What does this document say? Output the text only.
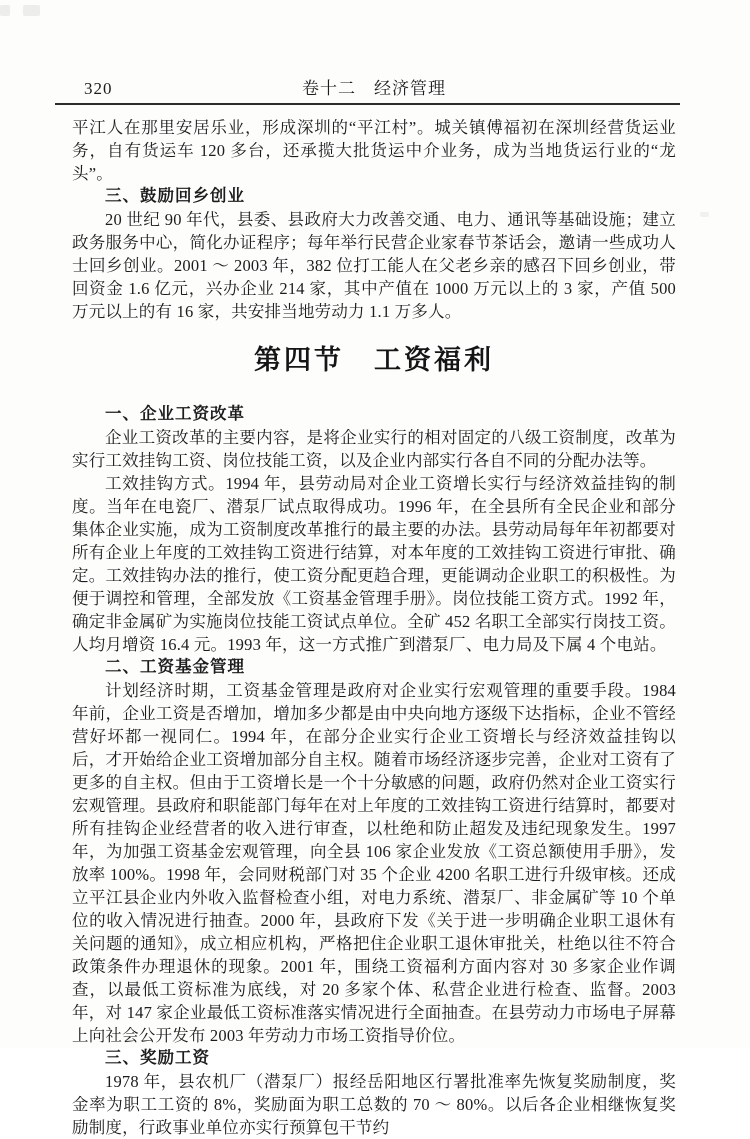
320	卷十二　经济管理

平江人在那里安居乐业，形成深圳的“平江村”。城关镇傅福初在深圳经营货运业务，自有货运车 120 多台，还承揽大批货运中介业务，成为当地货运行业的“龙头”。

三、鼓励回乡创业

20 世纪 90 年代，县委、县政府大力改善交通、电力、通讯等基础设施；建立政务服务中心，简化办证程序；每年举行民营企业家春节茶话会，邀请一些成功人士回乡创业。2001 ～ 2003 年，382 位打工能人在父老乡亲的感召下回乡创业，带回资金 1.6 亿元，兴办企业 214 家，其中产值在 1000 万元以上的 3 家，产值 500 万元以上的有 16 家，共安排当地劳动力 1.1 万多人。

第四节　工资福利
一、企业工资改革

企业工资改革的主要内容，是将企业实行的相对固定的八级工资制度，改革为实行工效挂钩工资、岗位技能工资，以及企业内部实行各自不同的分配办法等。

工效挂钩方式。1994 年，县劳动局对企业工资增长实行与经济效益挂钩的制度。当年在电瓷厂、潜泵厂试点取得成功。1996 年，在全县所有全民企业和部分集体企业实施，成为工资制度改革推行的最主要的办法。县劳动局每年年初都要对所有企业上年度的工效挂钩工资进行结算，对本年度的工效挂钩工资进行审批、确定。工效挂钩办法的推行，使工资分配更趋合理，更能调动企业职工的积极性。为便于调控和管理，全部发放《工资基金管理手册》。岗位技能工资方式。1992 年，确定非金属矿为实施岗位技能工资试点单位。全矿 452 名职工全部实行岗技工资。人均月增资 16.4 元。1993 年，这一方式推广到潜泵厂、电力局及下属 4 个电站。

二、工资基金管理

计划经济时期，工资基金管理是政府对企业实行宏观管理的重要手段。1984 年前，企业工资是否增加，增加多少都是由中央向地方逐级下达指标，企业不管经营好坏都一视同仁。1994 年，在部分企业实行企业工资增长与经济效益挂钩以后，才开始给企业工资增加部分自主权。随着市场经济逐步完善，企业对工资有了更多的自主权。但由于工资增长是一个十分敏感的问题，政府仍然对企业工资实行宏观管理。县政府和职能部门每年在对上年度的工效挂钩工资进行结算时，都要对所有挂钩企业经营者的收入进行审查，以杜绝和防止超发及违纪现象发生。1997 年，为加强工资基金宏观管理，向全县 106 家企业发放《工资总额使用手册》，发放率 100%。1998 年，会同财税部门对 35 个企业 4200 名职工进行升级审核。还成立平江县企业内外收入监督检查小组，对电力系统、潜泵厂、非金属矿等 10 个单位的收入情况进行抽查。2000 年，县政府下发《关于进一步明确企业职工退休有关问题的通知》，成立相应机构，严格把住企业职工退休审批关，杜绝以往不符合政策条件办理退休的现象。2001 年，围绕工资福利方面内容对 30 多家企业作调查，以最低工资标准为底线，对 20 多家个体、私营企业进行检查、监督。2003 年，对 147 家企业最低工资标准落实情况进行全面抽查。在县劳动力市场电子屏幕上向社会公开发布 2003 年劳动力市场工资指导价位。

三、奖励工资

1978 年，县农机厂（潜泵厂）报经岳阳地区行署批准率先恢复奖励制度，奖金率为职工工资的 8%，奖励面为职工总数的 70 ～ 80%。以后各企业相继恢复奖励制度，行政事业单位亦实行预算包干节约
